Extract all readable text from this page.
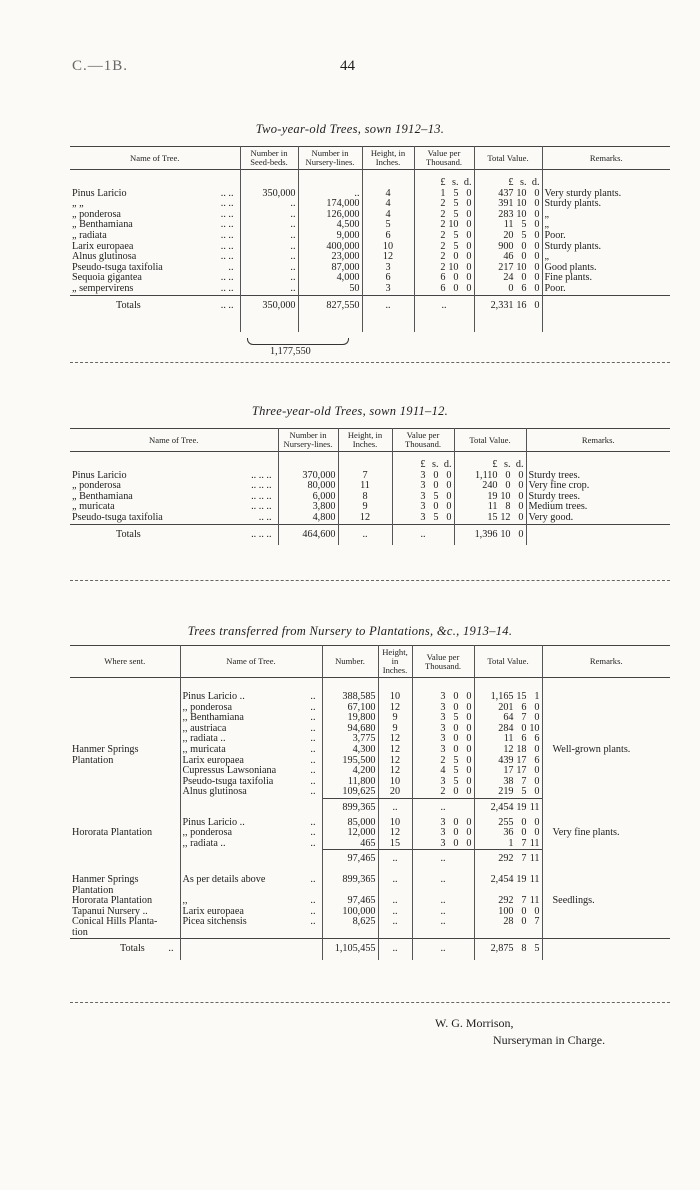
C.—1B.	44
Two-year-old Trees, sown 1912–13.
Name of Tree.	Number in Seed-beds.	Number in Nursery-lines.	Height, in Inches.	Value per Thousand.	Total Value.	Remarks.
				£ s. d.	£ s. d.	
Pinus Laricio .. ..	350,000	..	4	1 5 0	437 10 0	Very sturdy plants.
„ „ .. ..	..	174,000	4	2 5 0	391 10 0	Sturdy plants.
„ ponderosa .. ..	..	126,000	4	2 5 0	283 10 0	„
„ Benthamiana .. ..	..	4,500	5	2 10 0	11 5 0	„
„ radiata .. ..	..	9,000	6	2 5 0	20 5 0	Poor.
Larix europaea .. ..	..	400,000	10	2 5 0	900 0 0	Sturdy plants.
Alnus glutinosa .. ..	..	23,000	12	2 0 0	46 0 0	„
Pseudo-tsuga taxifolia ..	..	87,000	3	2 10 0	217 10 0	Good plants.
Sequoia gigantea .. ..	..	4,000	6	6 0 0	24 0 0	Fine plants.
„ sempervirens .. ..	..	50	3	6 0 0	0 6 0	Poor.
Totals .. ..	350,000	827,550	..	..	2,331 16 0	

1,177,550
Three-year-old Trees, sown 1911–12.
Name of Tree.	Number in Nursery-lines.	Height, in Inches.	Value per Thousand.	Total Value.	Remarks.
			£ s. d.	£ s. d.	
Pinus Laricio .. .. ..	370,000	7	3 0 0	1,110 0 0	Sturdy trees.
„ ponderosa .. .. ..	80,000	11	3 0 0	240 0 0	Very fine crop.
„ Benthamiana .. .. ..	6,000	8	3 5 0	19 10 0	Sturdy trees.
„ muricata .. .. ..	3,800	9	3 0 0	11 8 0	Medium trees.
Pseudo-tsuga taxifolia .. ..	4,800	12	3 5 0	15 12 0	Very good.
Totals .. .. ..	464,600	..	..	1,396 10 0	
Trees transferred from Nursery to Plantations, &c., 1913–14.
Where sent.	Name of Tree.	Number.	Height, in Inches.	Value per Thousand.	Total Value.	Remarks.

	Pinus Laricio .. ..	388,585	10	3 0 0	1,165 15 1	
	,, ponderosa ..	67,100	12	3 0 0	201 6 0	
	,, Benthamiana ..	19,800	9	3 5 0	64 7 0	
	,, austriaca ..	94,680	9	3 0 0	284 0 10	
	,, radiata .. ..	3,775	12	3 0 0	11 6 6	
Hanmer Springs	,, muricata ..	4,300	12	3 0 0	12 18 0	Well-grown plants.
Plantation	Larix europaea ..	195,500	12	2 5 0	439 17 6	
	Cupressus Lawsoniana ..	4,200	12	4 5 0	17 17 0	
	Pseudo-tsuga taxifolia ..	11,800	10	3 5 0	38 7 0	
	Alnus glutinosa ..	109,625	20	2 0 0	219 5 0	
		899,365	..	..	2,454 19 11	
	Pinus Laricio .. ..	85,000	10	3 0 0	255 0 0	
Hororata Plantation	,, ponderosa ..	12,000	12	3 0 0	36 0 0	Very fine plants.
	,, radiata .. ..	465	15	3 0 0	1 7 11	
		97,465	..	..	292 7 11	

Hanmer Springs	As per details above ..	899,365	..	..	2,454 19 11	
Plantation	

Hororata Plantation	,, ..	97,465	..	..	292 7 11	Seedlings.
Tapanui Nursery ..	Larix europaea ..	100,000	..	..	100 0 0	
Conical Hills Planta-	Picea sitchensis ..	8,625	..	..	28 0 7	
tion	

Totals ..		1,105,455	..	..	2,875 8 5	
W. G. Morrison,
Nurseryman in Charge.
